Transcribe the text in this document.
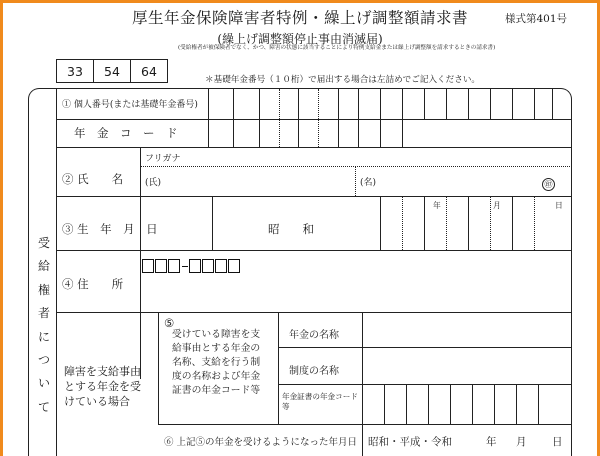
厚生年金保険障害者特例・繰上げ調整額請求書	様式第401号
(繰上げ調整額停止事由消滅届)
(受給権者が被保険者でなく、かつ、障害の状態に該当することにより特例支給金または繰上げ調整額を請求するときの請求書)
33	54	64
＊基礎年金番号（１０桁）で届出する場合は左詰めでご記入ください。
① 個人番号(または基礎年金番号)
年　金　コ　ー　ド
② 氏　　名
フリガナ
(氏)	(名)	㊞
③ 生　年　月　日	昭　　和
年	月	日
④ 住　　所
障害を支給事由とする年金を受けている場合
⑤
受けている障害を支給事由とする年金の名称、支給を行う制度の名称および年金証書の年金コード等
年金の名称
制度の名称
年金証書の年金コード等
⑥ 上記⑤の年金を受けるようになった年月日 昭和・平成・令和	年 月 日
受給権者について
